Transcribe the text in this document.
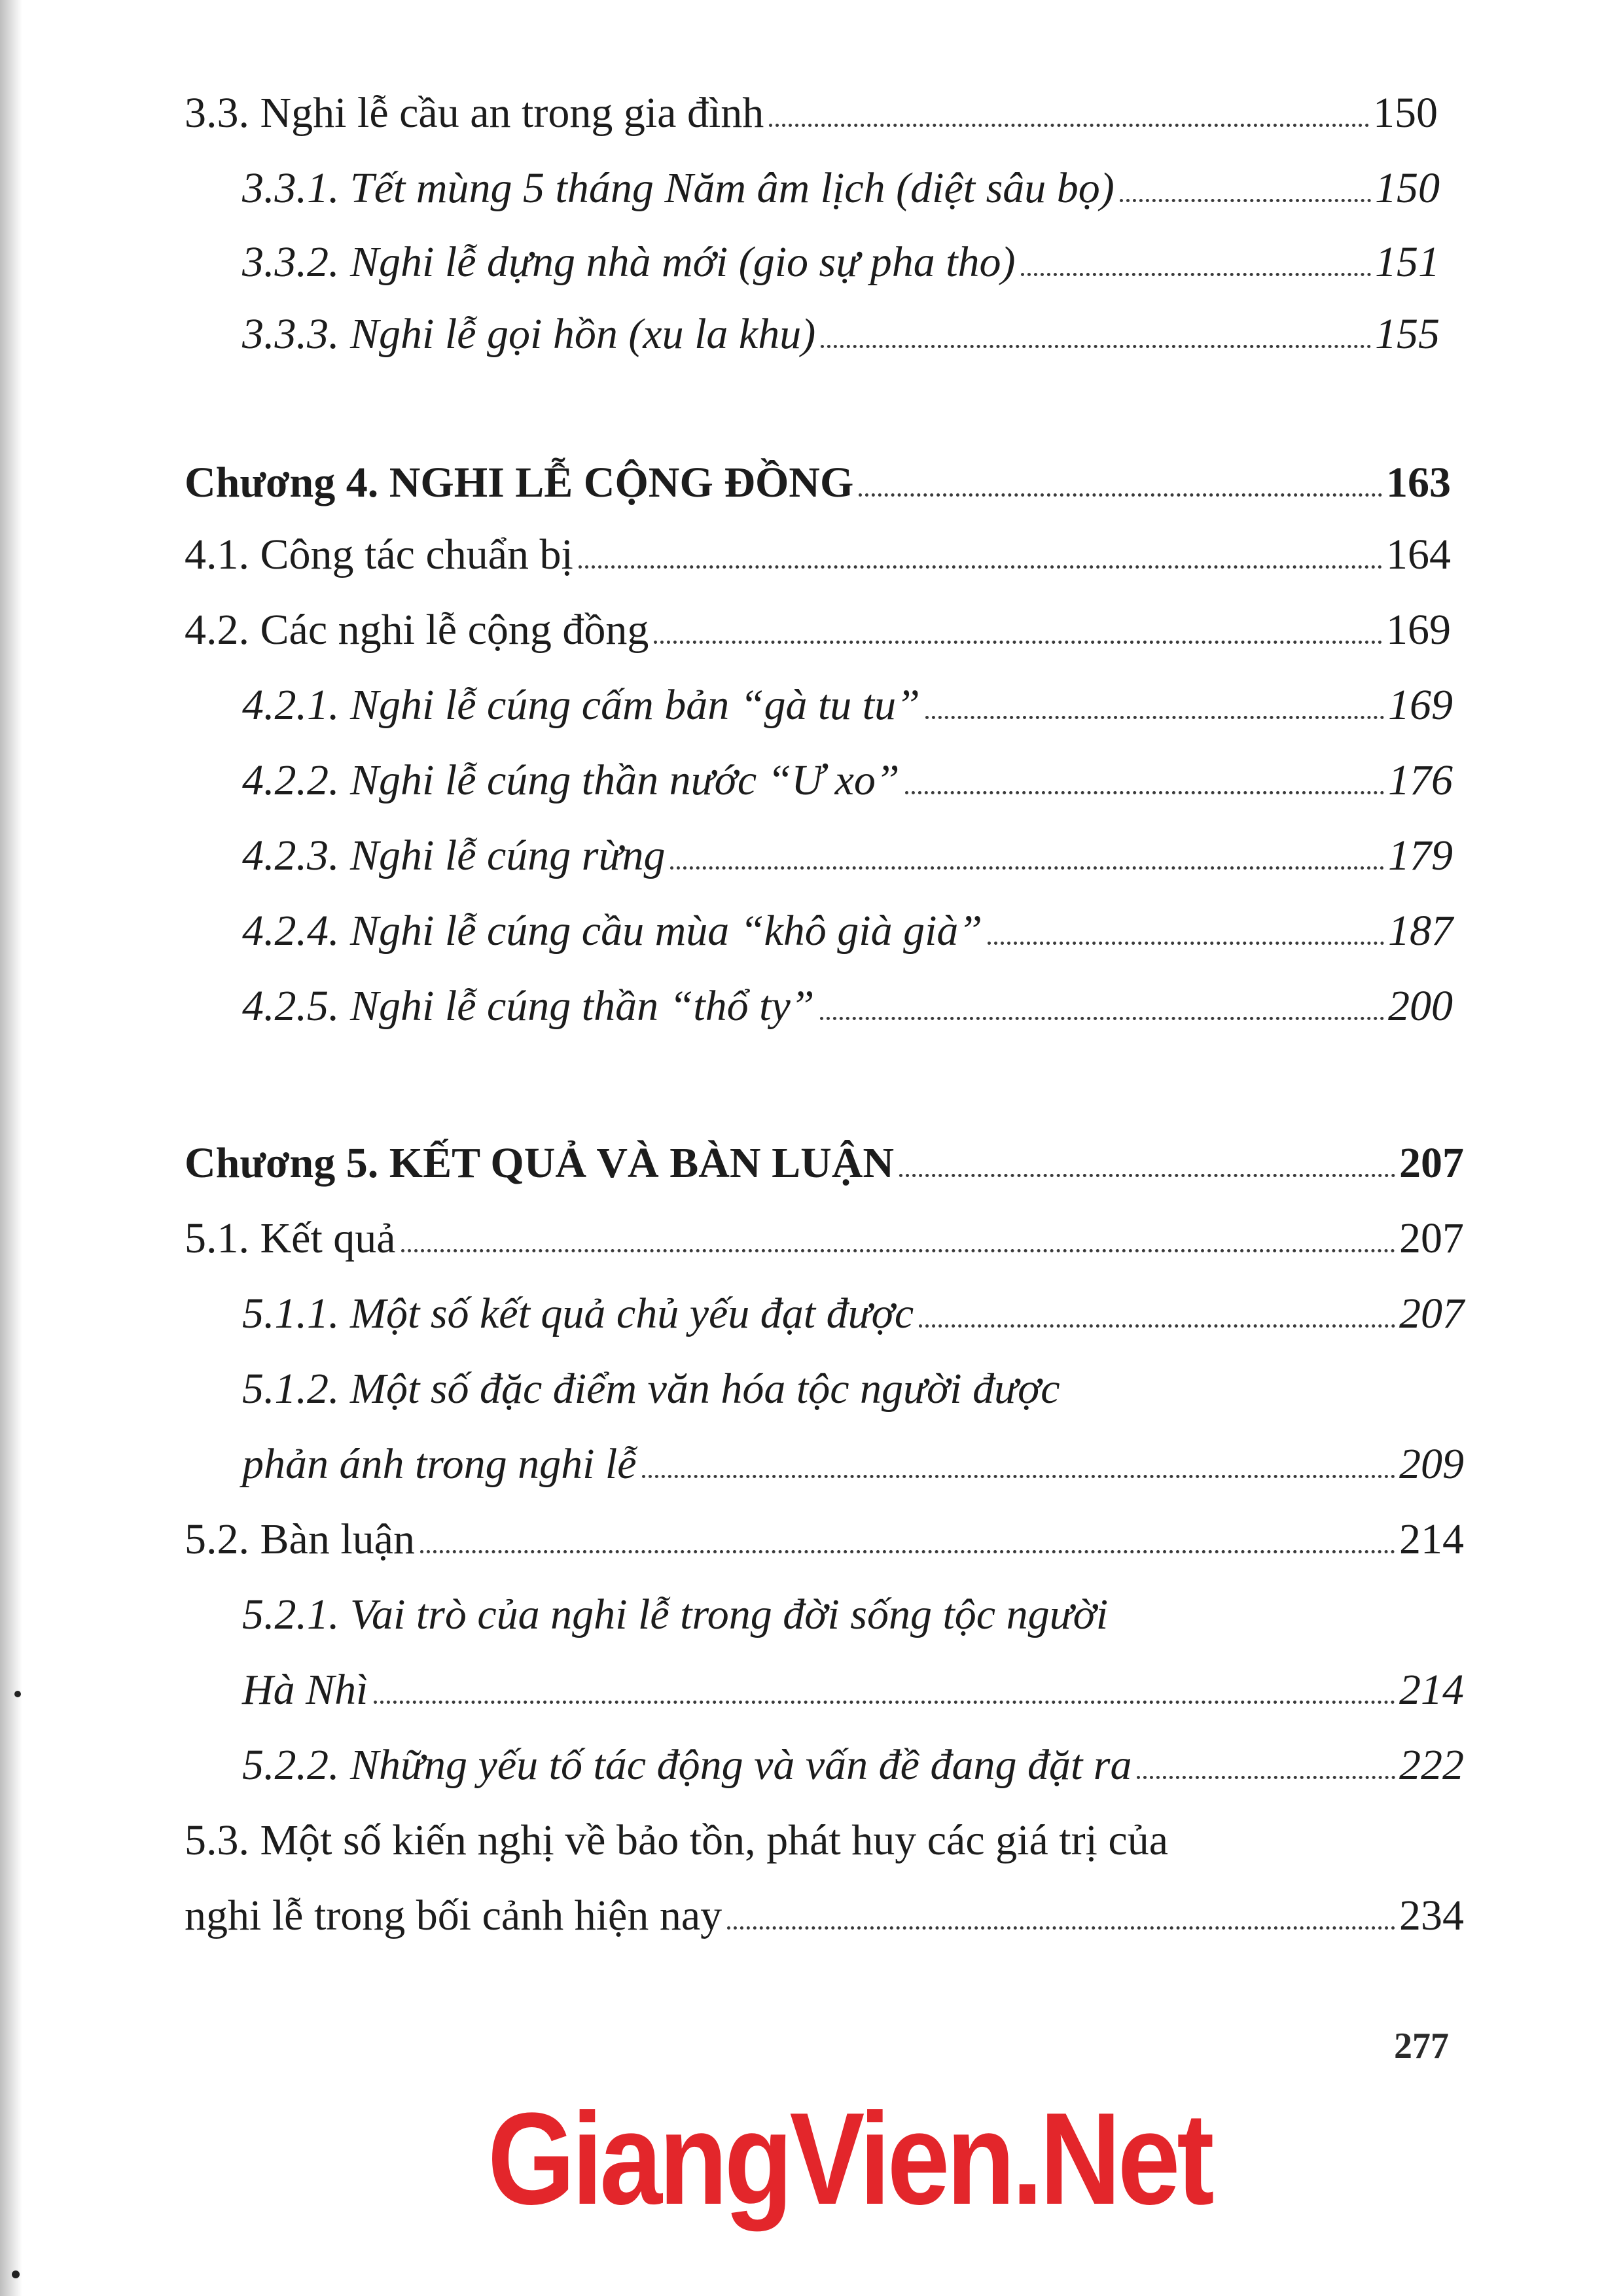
3.3. Nghi lễ cầu an trong gia đình	150
3.3.1. Tết mùng 5 tháng Năm âm lịch (diệt sâu bọ)	150
3.3.2. Nghi lễ dựng nhà mới (gio sự pha tho)	151
3.3.3. Nghi lễ gọi hồn (xu la khu)	155
Chương 4. NGHI LỄ CỘNG ĐỒNG	163
4.1. Công tác chuẩn bị	164
4.2. Các nghi lễ cộng đồng	169
4.2.1. Nghi lễ cúng cấm bản “gà tu tu”	169
4.2.2. Nghi lễ cúng thần nước “Ư xo”	176
4.2.3. Nghi lễ cúng rừng	179
4.2.4. Nghi lễ cúng cầu mùa “khô già già”	187
4.2.5. Nghi lễ cúng thần “thổ ty”	200
Chương 5. KẾT QUẢ VÀ BÀN LUẬN	207
5.1. Kết quả	207
5.1.1. Một số kết quả chủ yếu đạt được	207
5.1.2. Một số đặc điểm văn hóa tộc người được
phản ánh trong nghi lễ	209
5.2. Bàn luận	214
5.2.1. Vai trò của nghi lễ trong đời sống tộc người
Hà Nhì	214
5.2.2. Những yếu tố tác động và vấn đề đang đặt ra	222
5.3. Một số kiến nghị về bảo tồn, phát huy các giá trị của
nghi lễ trong bối cảnh hiện nay	234
277
GiangVien.Net
